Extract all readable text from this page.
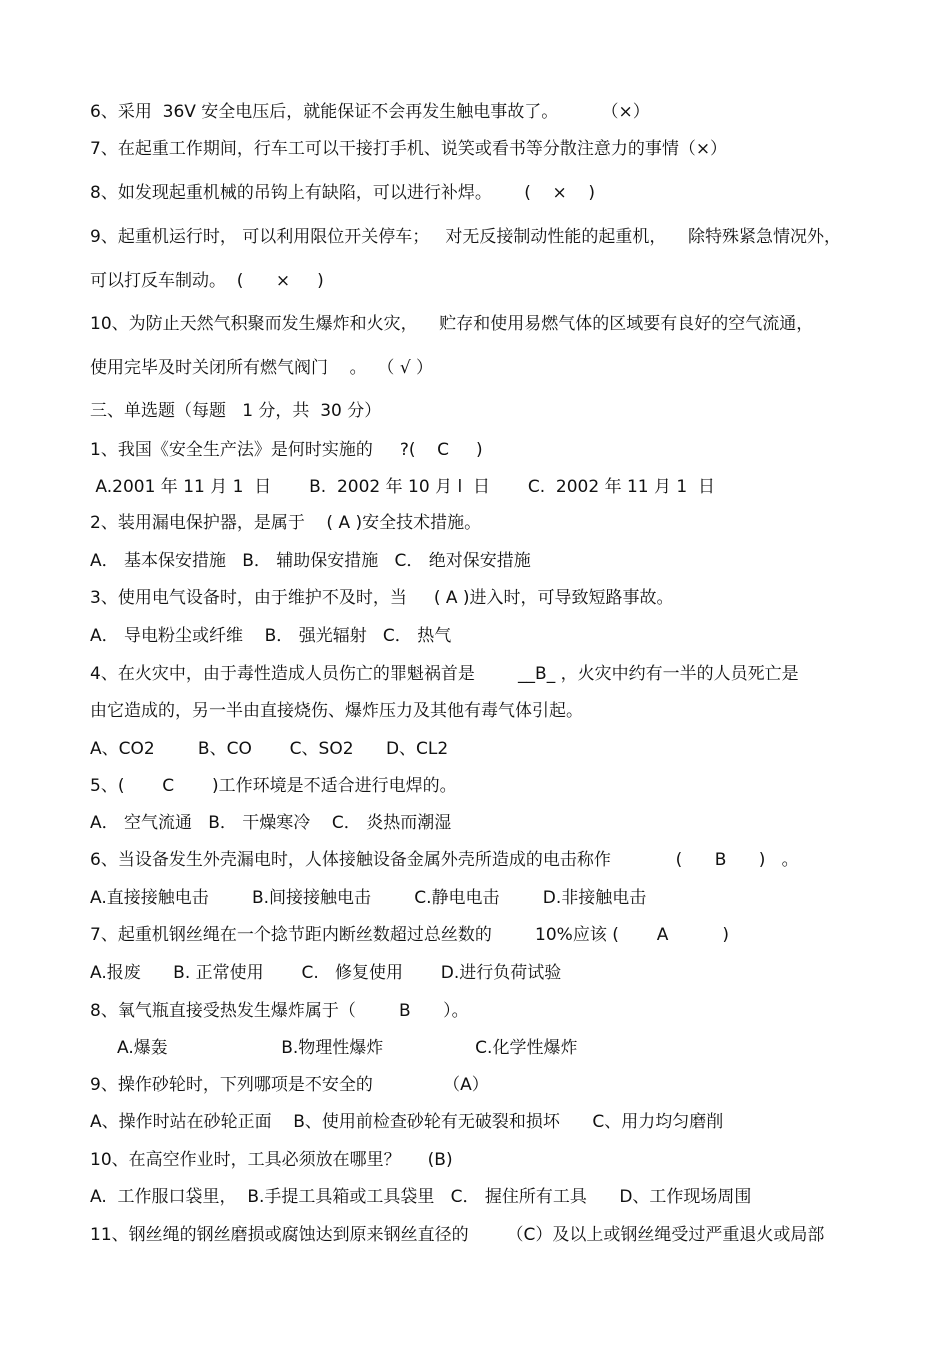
6、采用  36V 安全电压后，就能保证不会再发生触电事故了。        （×）
7、在起重工作期间，行车工可以干接打手机、说笑或看书等分散注意力的事情（×）
8、如发现起重机械的吊钩上有缺陷，可以进行补焊。      (    ×    )
9、起重机运行时， 可以利用限位开关停车；   对无反接制动性能的起重机，    除特殊紧急情况外，
可以打反车制动。  (      ×     )
10、为防止天然气积聚而发生爆炸和火灾，    贮存和使用易燃气体的区域要有良好的空气流通，
使用完毕及时关闭所有燃气阀门    。  （ √ ）
三、单选题（每题   1 分，共  30 分）
1、我国《安全生产法》是何时实施的     ?(    C     )
A.2001 年 11 月 1  日       B.  2002 年 10 月 l  日       C.  2002 年 11 月 1  日
2、装用漏电保护器，是属于    ( A )安全技术措施。
A． 基本保安措施   B． 辅助保安措施   C． 绝对保安措施
3、使用电气设备时，由于维护不及时，当     ( A )进入时，可导致短路事故。
A． 导电粉尘或纤维    B． 强光辐射   C． 热气
4、在火灾中，由于毒性造成人员伤亡的罪魁祸首是        __B_ ，火灾中约有一半的人员死亡是
由它造成的，另一半由直接烧伤、爆炸压力及其他有毒气体引起。
A、CO2        B、CO       C、SO2      D、CL2
5、(       C       )工作环境是不适合进行电焊的。
A． 空气流通   B． 干燥寒冷    C． 炎热而潮湿
6、当设备发生外壳漏电时，人体接触设备金属外壳所造成的电击称作            (      B      )   。
A.直接接触电击        B.间接接触电击        C.静电电击        D.非接触电击
7、起重机钢丝绳在一个捻节距内断丝数超过总丝数的        10%应该 (       A          )
A.报废      B. 正常使用       C.   修复使用       D.进行负荷试验
8、氧气瓶直接受热发生爆炸属于（        B      ）。
A.爆轰                     B.物理性爆炸                 C.化学性爆炸
9、操作砂轮时，下列哪项是不安全的             （A）
A、操作时站在砂轮正面    B、使用前检查砂轮有无破裂和损坏      C、用力均匀磨削
10、在高空作业时，工具必须放在哪里？     (B)
A.  工作服口袋里，  B.手提工具箱或工具袋里   C． 握住所有工具      D、工作现场周围
11、钢丝绳的钢丝磨损或腐蚀达到原来钢丝直径的       （C）及以上或钢丝绳受过严重退火或局部
